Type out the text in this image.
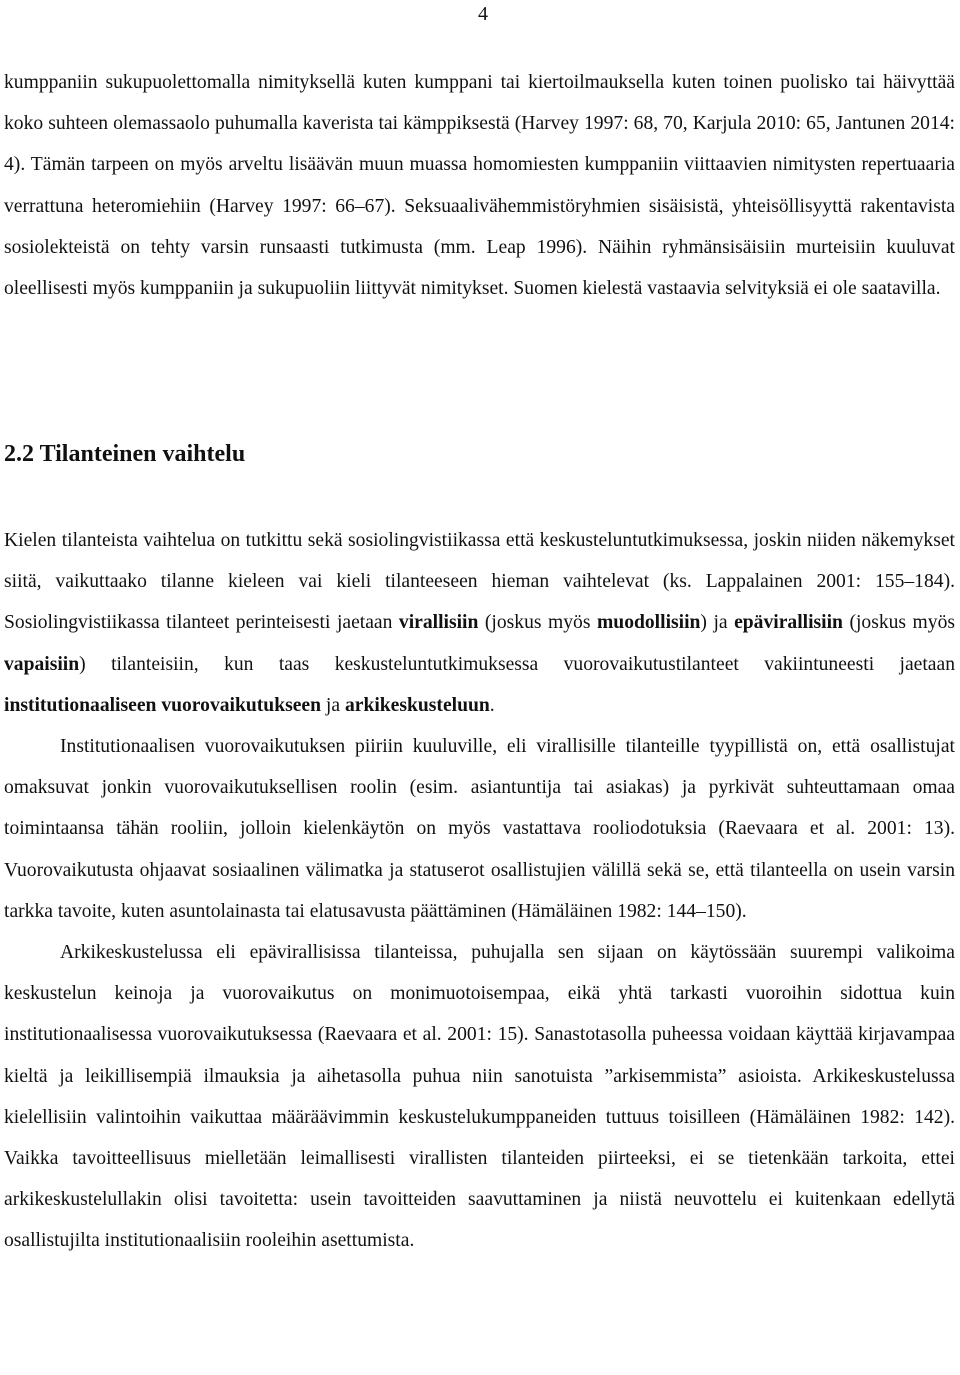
4

kumppaniin sukupuolettomalla nimityksellä kuten kumppani tai kiertoilmauksella kuten toinen puolisko tai häivyttää koko suhteen olemassaolo puhumalla kaverista tai kämppiksestä (Harvey 1997: 68, 70, Karjula 2010: 65, Jantunen 2014: 4). Tämän tarpeen on myös arveltu lisäävän muun muassa homomiesten kumppaniin viittaavien nimitysten repertuaaria verrattuna heteromiehiin (Harvey 1997: 66–67). Seksuaalivähemmistöryhmien sisäisistä, yhteisöllisyyttä rakentavista sosiolekteistä on tehty varsin runsaasti tutkimusta (mm. Leap 1996). Näihin ryhmänsisäisiin murteisiin kuuluvat oleellisesti myös kumppaniin ja sukupuoliin liittyvät nimitykset. Suomen kielestä vastaavia selvityksiä ei ole saatavilla.

2.2 Tilanteinen vaihtelu

Kielen tilanteista vaihtelua on tutkittu sekä sosiolingvistiikassa että keskusteluntutkimuksessa, joskin niiden näkemykset siitä, vaikuttaako tilanne kieleen vai kieli tilanteeseen hieman vaihtelevat (ks. Lappalainen 2001: 155–184). Sosiolingvistiikassa tilanteet perinteisesti jaetaan virallisiin (joskus myös muodollisiin) ja epävirallisiin (joskus myös vapaisiin) tilanteisiin, kun taas keskusteluntutkimuksessa vuorovaikutustilanteet vakiintuneesti jaetaan institutionaaliseen vuorovaikutukseen ja arkikeskusteluun.

Institutionaalisen vuorovaikutuksen piiriin kuuluville, eli virallisille tilanteille tyypillistä on, että osallistujat omaksuvat jonkin vuorovaikutuksellisen roolin (esim. asiantuntija tai asiakas) ja pyrkivät suhteuttamaan omaa toimintaansa tähän rooliin, jolloin kielenkäytön on myös vastattava rooliodotuksia (Raevaara et al. 2001: 13). Vuorovaikutusta ohjaavat sosiaalinen välimatka ja statuserot osallistujien välillä sekä se, että tilanteella on usein varsin tarkka tavoite, kuten asuntolainasta tai elatusavusta päättäminen (Hämäläinen 1982: 144–150).

Arkikeskustelussa eli epävirallisissa tilanteissa, puhujalla sen sijaan on käytössään suurempi valikoima keskustelun keinoja ja vuorovaikutus on monimuotoisempaa, eikä yhtä tarkasti vuoroihin sidottua kuin institutionaalisessa vuorovaikutuksessa (Raevaara et al. 2001: 15). Sanastotasolla puheessa voidaan käyttää kirjavampaa kieltä ja leikillisempiä ilmauksia ja aihetasolla puhua niin sanotuista ”arkisemmista” asioista. Arkikeskustelussa kielellisiin valintoihin vaikuttaa määräävimmin keskustelukumppaneiden tuttuus toisilleen (Hämäläinen 1982: 142). Vaikka tavoitteellisuus mielletään leimallisesti virallisten tilanteiden piirteeksi, ei se tietenkään tarkoita, ettei arkikeskustelullakin olisi tavoitetta: usein tavoitteiden saavuttaminen ja niistä neuvottelu ei kuitenkaan edellytä osallistujilta institutionaalisiin rooleihin asettumista.
